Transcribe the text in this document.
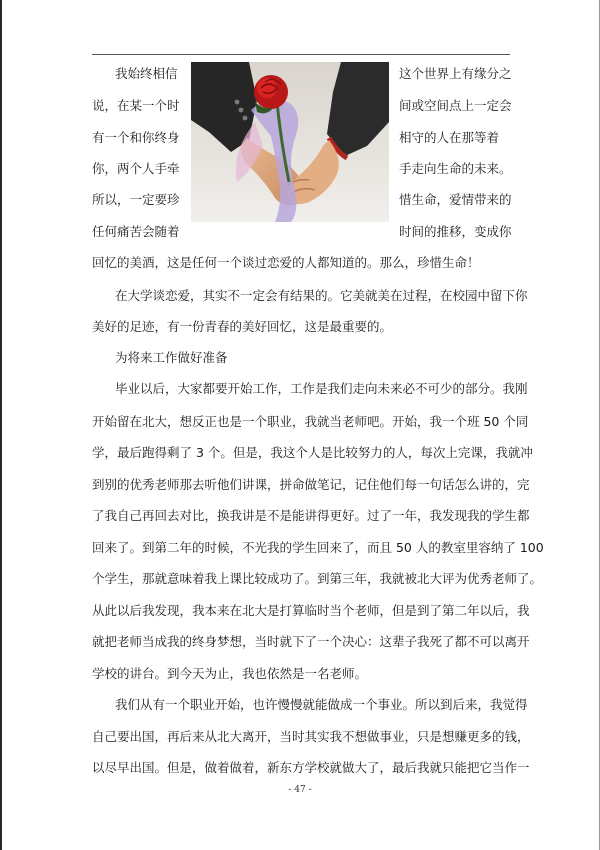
我始终相信
说，在某一个时
有一个和你终身
你，两个人手牵
所以，一定要珍
任何痛苦会随着
这个世界上有缘分之
间或空间点上一定会
相守的人在那等着
手走向生命的未来。
惜生命，爱情带来的
时间的推移，变成你
回忆的美酒，这是任何一个谈过恋爱的人都知道的。那么，珍惜生命！
在大学谈恋爱，其实不一定会有结果的。它美就美在过程，在校园中留下你
美好的足迹，有一份青春的美好回忆，这是最重要的。
为将来工作做好准备
毕业以后，大家都要开始工作，工作是我们走向未来必不可少的部分。我刚
开始留在北大，想反正也是一个职业，我就当老师吧。开始，我一个班 50 个同
学，最后跑得剩了 3 个。但是，我这个人是比较努力的人，每次上完课，我就冲
到别的优秀老师那去听他们讲课，拼命做笔记，记住他们每一句话怎么讲的，完
了我自己再回去对比，换我讲是不是能讲得更好。过了一年，我发现我的学生都
回来了。到第二年的时候，不光我的学生回来了，而且 50 人的教室里容纳了 100
个学生，那就意味着我上课比较成功了。到第三年，我就被北大评为优秀老师了。
从此以后我发现，我本来在北大是打算临时当个老师，但是到了第二年以后，我
就把老师当成我的终身梦想，当时就下了一个决心：这辈子我死了都不可以离开
学校的讲台。到今天为止，我也依然是一名老师。
我们从有一个职业开始，也许慢慢就能做成一个事业。所以到后来，我觉得
自己要出国，再后来从北大离开，当时其实我不想做事业，只是想赚更多的钱，
以尽早出国。但是，做着做着，新东方学校就做大了，最后我就只能把它当作一
- 47 -
